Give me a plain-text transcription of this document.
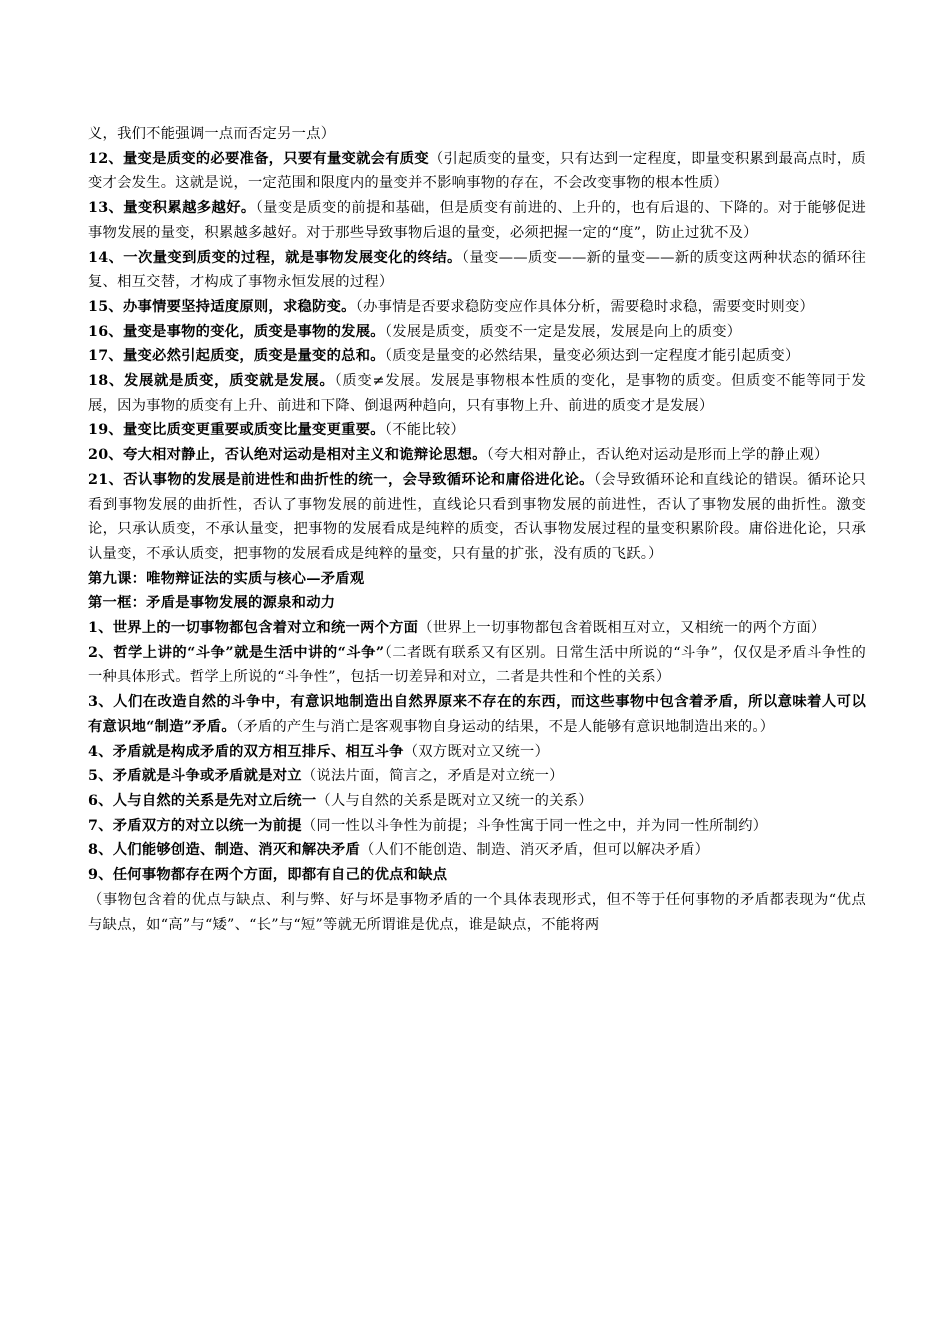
义，我们不能强调一点而否定另一点）

12、量变是质变的必要准备，只要有量变就会有质变（引起质变的量变，只有达到一定程度，即量变积累到最高点时，质变才会发生。这就是说，一定范围和限度内的量变并不影响事物的存在，不会改变事物的根本性质）

13、量变积累越多越好。（量变是质变的前提和基础，但是质变有前进的、上升的，也有后退的、下降的。对于能够促进事物发展的量变，积累越多越好。对于那些导致事物后退的量变，必须把握一定的“度”，防止过犹不及）

14、一次量变到质变的过程，就是事物发展变化的终结。（量变——质变——新的量变——新的质变这两种状态的循环往复、相互交替，才构成了事物永恒发展的过程）

15、办事情要坚持适度原则，求稳防变。（办事情是否要求稳防变应作具体分析，需要稳时求稳，需要变时则变）

16、量变是事物的变化，质变是事物的发展。（发展是质变，质变不一定是发展，发展是向上的质变）

17、量变必然引起质变，质变是量变的总和。（质变是量变的必然结果，量变必须达到一定程度才能引起质变）

18、发展就是质变，质变就是发展。（质变≠发展。发展是事物根本性质的变化，是事物的质变。但质变不能等同于发展，因为事物的质变有上升、前进和下降、倒退两种趋向，只有事物上升、前进的质变才是发展）

19、量变比质变更重要或质变比量变更重要。（不能比较）

20、夸大相对静止，否认绝对运动是相对主义和诡辩论思想。（夸大相对静止，否认绝对运动是形而上学的静止观）

21、否认事物的发展是前进性和曲折性的统一，会导致循环论和庸俗进化论。（会导致循环论和直线论的错误。循环论只看到事物发展的曲折性，否认了事物发展的前进性，直线论只看到事物发展的前进性，否认了事物发展的曲折性。激变论，只承认质变，不承认量变，把事物的发展看成是纯粹的质变，否认事物发展过程的量变积累阶段。庸俗进化论，只承认量变，不承认质变，把事物的发展看成是纯粹的量变，只有量的扩张，没有质的飞跃。）

第九课：唯物辩证法的实质与核心—矛盾观

第一框：矛盾是事物发展的源泉和动力

1、世界上的一切事物都包含着对立和统一两个方面（世界上一切事物都包含着既相互对立，又相统一的两个方面）

2、哲学上讲的“斗争”就是生活中讲的“斗争”（二者既有联系又有区别。日常生活中所说的“斗争”，仅仅是矛盾斗争性的一种具体形式。哲学上所说的“斗争性”，包括一切差异和对立，二者是共性和个性的关系）

3、人们在改造自然的斗争中，有意识地制造出自然界原来不存在的东西，而这些事物中包含着矛盾，所以意味着人可以有意识地“制造”矛盾。（矛盾的产生与消亡是客观事物自身运动的结果，不是人能够有意识地制造出来的。）

4、矛盾就是构成矛盾的双方相互排斥、相互斗争（双方既对立又统一）

5、矛盾就是斗争或矛盾就是对立（说法片面，简言之，矛盾是对立统一）

6、人与自然的关系是先对立后统一（人与自然的关系是既对立又统一的关系）

7、矛盾双方的对立以统一为前提（同一性以斗争性为前提；斗争性寓于同一性之中，并为同一性所制约）

8、人们能够创造、制造、消灭和解决矛盾（人们不能创造、制造、消灭矛盾，但可以解决矛盾）

9、任何事物都存在两个方面，即都有自己的优点和缺点

（事物包含着的优点与缺点、利与弊、好与坏是事物矛盾的一个具体表现形式，但不等于任何事物的矛盾都表现为“优点与缺点，如“高”与“矮”、“长”与“短”等就无所谓谁是优点，谁是缺点，不能将两
